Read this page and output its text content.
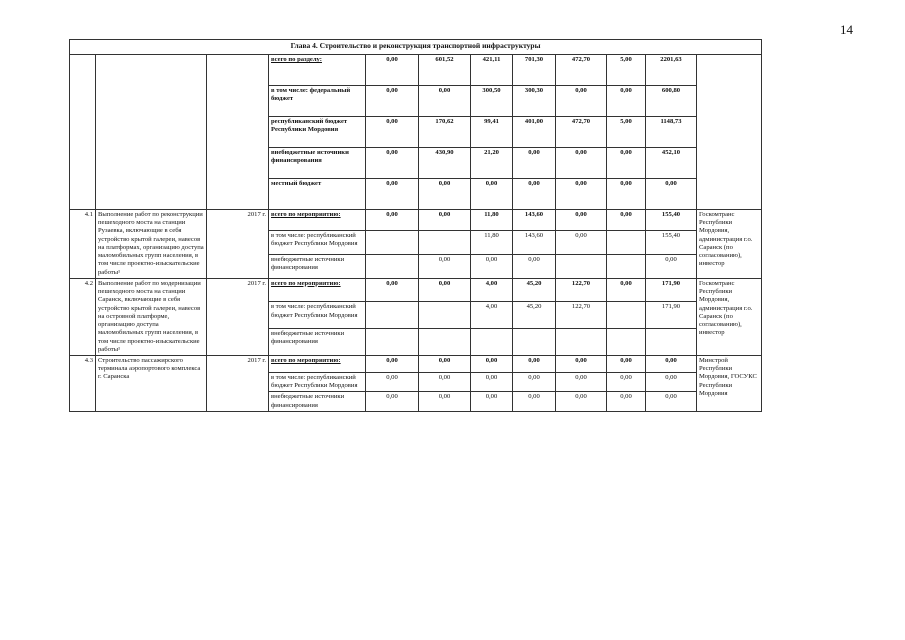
14
Глава 4. Строительство и реконструкция транспортной инфраструктуры											
			всего по разделу:	0,00	601,52	421,11	701,30	472,70	5,00	2201,63	
			в том числе: федеральный бюджет	0,00	0,00	300,50	300,30	0,00	0,00	600,80	
			республиканский бюджет Республики Мордовия	0,00	170,62	99,41	401,00	472,70	5,00	1148,73	
			внебюджетные источники финансирования	0,00	430,90	21,20	0,00	0,00	0,00	452,10	
			местный бюджет	0,00	0,00	0,00	0,00	0,00	0,00	0,00	
4.1	Выполнение работ по реконструкции пешеходного моста на станции Рузаевка, включающие в себя устройство крытой галереи, навесов на платформах, организацию доступа маломобильных групп населения, в том числе проектно-изыскательские работы¹	2017 г.	всего по мероприятию:	0,00	0,00	11,80	143,60	0,00	0,00	155,40	Госкомтранс Республики Мордовия, администрация г.о. Саранск (по согласованию), инвестор
			в том числе: республиканский бюджет Республики Мордовия			11,80	143,60	0,00		155,40	
			внебюджетные источники финансирования		0,00	0,00	0,00			0,00	
4.2	Выполнение работ по модернизации пешеходного моста на станции Саранск, включающие в себя устройство крытой галереи, навесов на островной платформе, организацию доступа маломобильных групп населения, в том числе проектно-изыскательские работы¹	2017 г.	всего по мероприятию:	0,00	0,00	4,00	45,20	122,70	0,00	171,90	Госкомтранс Республики Мордовия, администрация г.о. Саранск (по согласованию), инвестор
			в том числе: республиканский бюджет Республики Мордовия			4,00	45,20	122,70		171,90	
			внебюджетные источники финансирования								
4.3	Строительство пассажирского терминала аэропортового комплекса г. Саранска	2017 г.	всего по мероприятию:	0,00	0,00	0,00	0,00	0,00	0,00	0,00	Минстрой Республики Мордовия, ГОСУКС Республики Мордовия
			в том числе: республиканский бюджет Республики Мордовия	0,00	0,00	0,00	0,00	0,00	0,00	0,00	
			внебюджетные источники финансирования	0,00	0,00	0,00	0,00	0,00	0,00	0,00	
